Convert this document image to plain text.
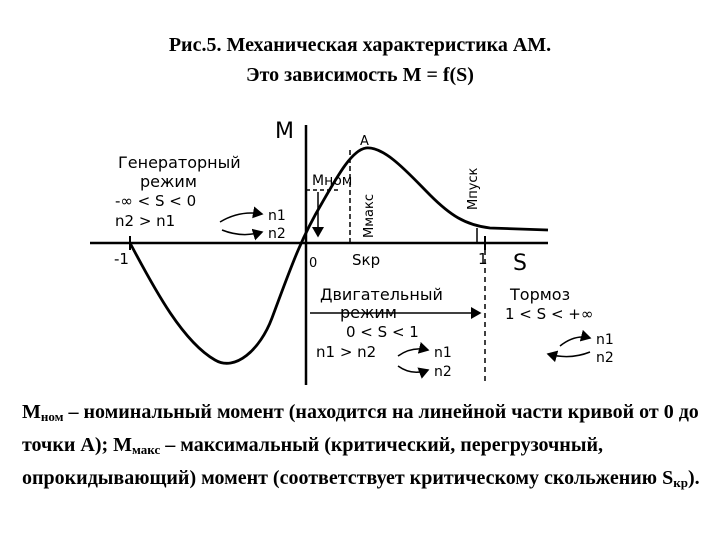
Рис.5. Механическая характеристика АМ.
Это зависимость M = f(S)
M
S
0
A
-1	1
Mном
Mмакс
Mпуск
Sкр
Генераторный
режим
-∞ < S < 0
n2 > n1	n1
n2
Двигательный
режим
0 < S < 1
n1 > n2	n1
n2
Тормоз
1 < S < +∞
n1
n2
$M_{ном}$ – номинальный момент (находится на линейной части кривой от 0 до точки А); $M_{макс}$ – максимальный (критический, перегрузочный, опрокидывающий) момент (соответствует критическому скольжению $S_{кр}$).
